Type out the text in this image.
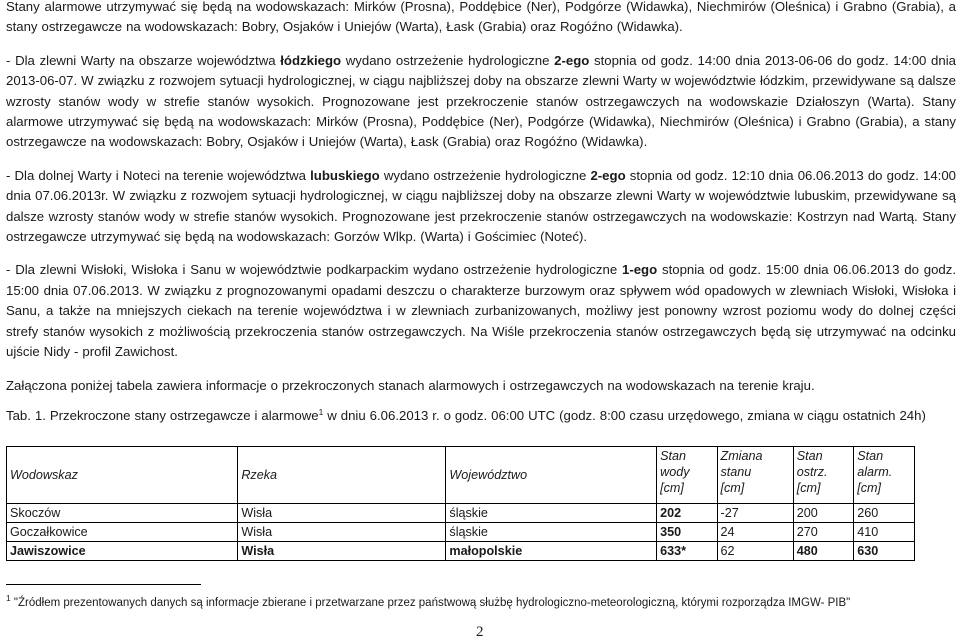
Stany alarmowe utrzymywać się będą na wodowskazach: Mirków (Prosna), Poddębice (Ner), Podgórze (Widawka), Niechmirów (Oleśnica) i Grabno (Grabia), a stany ostrzegawcze na wodowskazach: Bobry, Osjaków i Uniejów (Warta), Łask (Grabia) oraz Rogóźno (Widawka).

- Dla zlewni Warty na obszarze województwa łódzkiego wydano ostrzeżenie hydrologiczne 2-ego stopnia od godz. 14:00 dnia 2013-06-06 do godz. 14:00 dnia 2013-06-07. W związku z rozwojem sytuacji hydrologicznej, w ciągu najbliższej doby na obszarze zlewni Warty w województwie łódzkim, przewidywane są dalsze wzrosty stanów wody w strefie stanów wysokich. Prognozowane jest przekroczenie stanów ostrzegawczych na wodowskazie Działoszyn (Warta). Stany alarmowe utrzymywać się będą na wodowskazach: Mirków (Prosna), Poddębice (Ner), Podgórze (Widawka), Niechmirów (Oleśnica) i Grabno (Grabia), a stany ostrzegawcze na wodowskazach: Bobry, Osjaków i Uniejów (Warta), Łask (Grabia) oraz Rogóźno (Widawka).

- Dla dolnej Warty i Noteci na terenie województwa lubuskiego wydano ostrzeżenie hydrologiczne 2-ego stopnia od godz. 12:10 dnia 06.06.2013 do godz. 14:00 dnia 07.06.2013r. W związku z rozwojem sytuacji hydrologicznej, w ciągu najbliższej doby na obszarze zlewni Warty w województwie lubuskim, przewidywane są dalsze wzrosty stanów wody w strefie stanów wysokich. Prognozowane jest przekroczenie stanów ostrzegawczych na wodowskazie: Kostrzyn nad Wartą. Stany ostrzegawcze utrzymywać się będą na wodowskazach: Gorzów Wlkp. (Warta) i Gościmiec (Noteć).

- Dla zlewni Wisłoki, Wisłoka i Sanu w województwie podkarpackim wydano ostrzeżenie hydrologiczne 1-ego stopnia od godz. 15:00 dnia 06.06.2013 do godz. 15:00 dnia 07.06.2013. W związku z prognozowanymi opadami deszczu o charakterze burzowym oraz spływem wód opadowych w zlewniach Wisłoki, Wisłoka i Sanu, a także na mniejszych ciekach na terenie województwa i w zlewniach zurbanizowanych, możliwy jest ponowny wzrost poziomu wody do dolnej części strefy stanów wysokich z możliwością przekroczenia stanów ostrzegawczych. Na Wiśle przekroczenia stanów ostrzegawczych będą się utrzymywać na odcinku ujście Nidy - profil Zawichost.

Załączona poniżej tabela zawiera informacje o przekroczonych stanach alarmowych i ostrzegawczych na wodowskazach na terenie kraju.

Tab. 1. Przekroczone stany ostrzegawcze i alarmowe$^1$ w dniu 6.06.2013 r. o godz. 06:00 UTC (godz. 8:00 czasu urzędowego, zmiana w ciągu ostatnich 24h)

Wodowskaz	Rzeka	Województwo	Stan
wody
[cm]	Zmiana
stanu
[cm]	Stan
ostrz.
[cm]	Stan
alarm.
[cm]
Skoczów	Wisła	śląskie	202	-27	200	260
Goczałkowice	Wisła	śląskie	350	24	270	410
Jawiszowice	Wisła	małopolskie	633*	62	480	630
$^1$ "Źródłem prezentowanych danych są informacje zbierane i przetwarzane przez państwową służbę hydrologiczno-meteorologiczną, którymi rozporządza IMGW- PIB"
2
